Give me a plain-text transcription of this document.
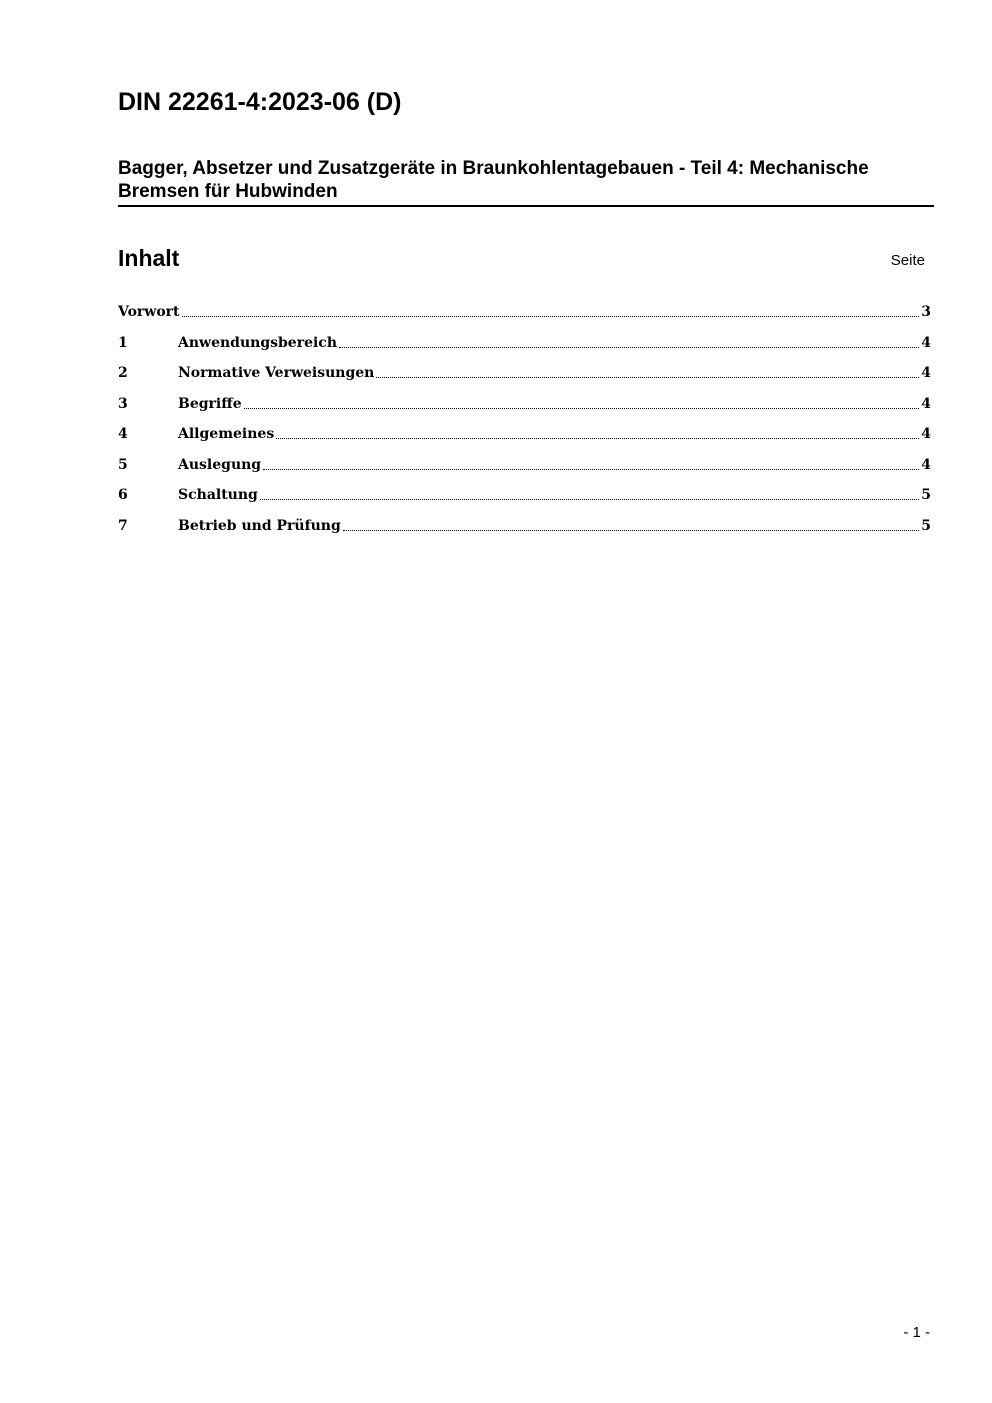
DIN 22261-4:2023-06 (D)
Bagger, Absetzer und Zusatzgeräte in Braunkohlentagebauen - Teil 4: Mechanische Bremsen für Hubwinden
Inhalt	Seite
Vorwort	3
1	Anwendungsbereich	4
2	Normative Verweisungen	4
3	Begriffe	4
4	Allgemeines	4
5	Auslegung	4
6	Schaltung	5
7	Betrieb und Prüfung	5
- 1 -
